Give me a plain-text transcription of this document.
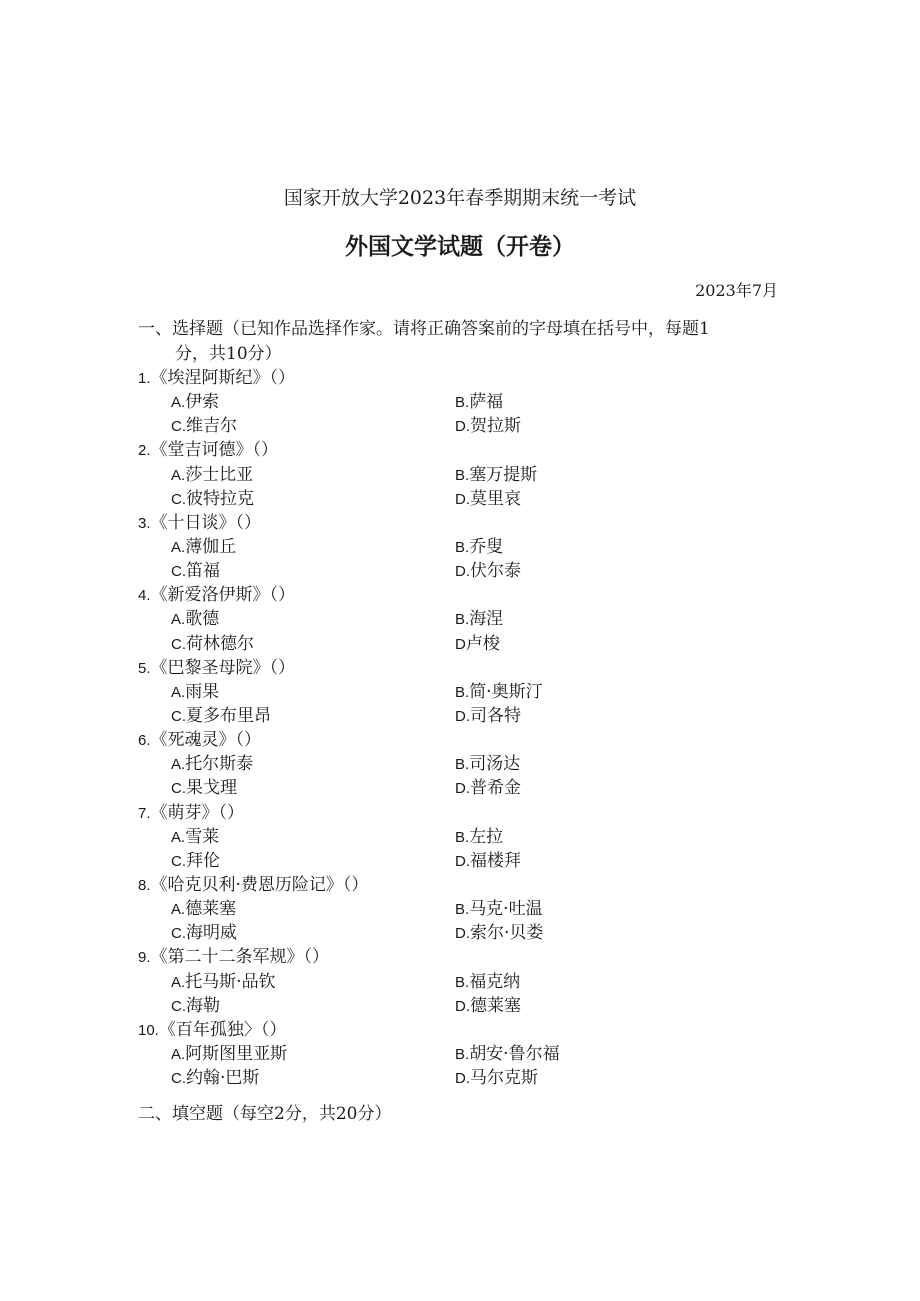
国家开放大学2023年春季期期末统一考试
外国文学试题（开卷）
2023年7月
一、选择题（已知作品选择作家。请将正确答案前的字母填在括号中，每题1
分，共10分）
1.《埃涅阿斯纪》（）
A.伊索	B.萨福
C.维吉尔	D.贺拉斯
2.《堂吉诃德》（）
A.莎士比亚	B.塞万提斯
C.彼特拉克	D.莫里哀
3.《十日谈》（）
A.薄伽丘	B.乔叟
C.笛福	D.伏尔泰
4.《新爱洛伊斯》（）
A.歌德	B.海涅
C.荷林德尔	D卢梭
5.《巴黎圣母院》（）
A.雨果	B.简·奥斯汀
C.夏多布里昂	D.司各特
6.《死魂灵》（）
A.托尔斯泰	B.司汤达
C.果戈理	D.普希金
7.《萌芽》（）
A.雪莱	B.左拉
C.拜伦	D.福楼拜
8.《哈克贝利·费恩历险记》（）
A.德莱塞	B.马克·吐温
C.海明威	D.索尔·贝娄
9.《第二十二条军规》（）
A.托马斯·品钦	B.福克纳
C.海勒	D.德莱塞
10.《百年孤独〉（）
A.阿斯图里亚斯	B.胡安·鲁尔福
C.约翰·巴斯	D.马尔克斯
二、填空题（每空2分，共20分）
